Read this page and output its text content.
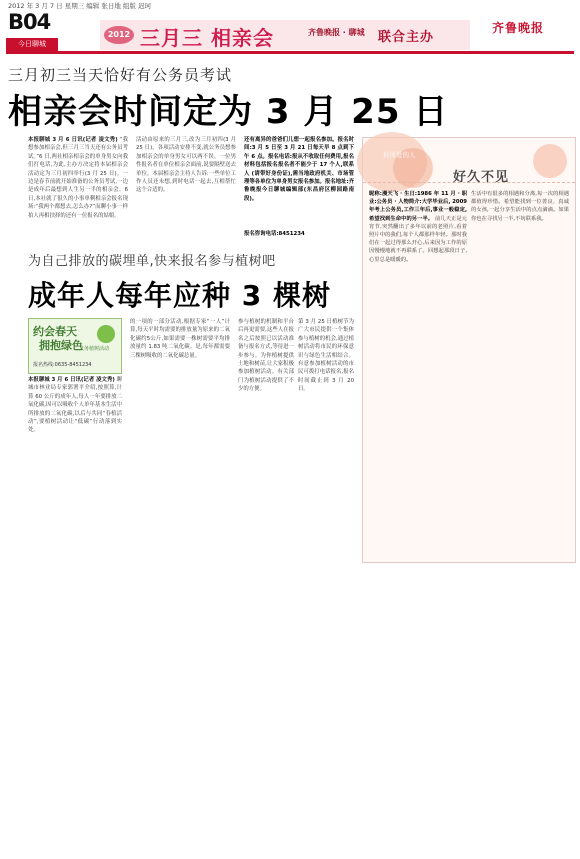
2012 年 3 月 7 日 星期三 编辑 张日地 组版 迟珂
B04
今日聊城
2012 三月三 相亲会	齐鲁晚报 · 聊城 联合主办
齐鲁晚报
三月初三当天恰好有公务员考试
相亲会时间定为 3 月 25 日
本报聊城 3 月 6 日讯(记者 凌文秀) “我想参加相亲会,但三月三当天还有公务员考试。”6 日,两社相亲相亲会的单身男女向我们打电话,为此,主办方决定将本届相亲会活动定为三月初四举行(3 月 25 日)。一边是春节前就开始准备的公务员考试,一边是成年后最想到人生另一半的相亲会。6 日,本社就了很久的小事单剩相亲会报名现场:“我两个都想去,怎么办?”而聊小事一样拍人再相扶择的还有一位报名的姑娘。
活动由原来的三月三,改为三月初四(3 月 25 日)。各项活动安排不变,就公务员想参加相亲会的单身男女可以两不误。一位男性报名者在单位相亲会面前,说要隔壁送去单位。本届相亲会主持人告诉:一些单位工作人员还未想,到时电话一起去,互相帮忙这个合适的。
还有离异的爸爸们儿想一起报名参加。报名时间:3 月 5 日至 3 月 21 日每天早 8 点到下午 6 点。报名电话:报从不收取任何费用,报名材料包括报名报名者不能少于 17 个人,联系人 (请带好身份证),需当地政府机关、市场管理等各单位为单身男女报名参加。报名地址:齐鲁晚报今日聊城编辑部(东昌府区柳园路南段)。
报名咨询电话:8451234
为自己排放的碳埋单,快来报名参与植树吧
成年人每年应种 3 棵树
约会春天
拥抱绿色
义务植树活动
报名热线:0635-8451234
本报聊城 3 月 6 日讯(记者 凌文秀) 聊城市林业局专家郭署平介绍,按照算,计算 60 公斤的成年人,每人一年要排放二氧化碳,因可以吸收个人单年基本生活中所排放的二氧化碳,以后与共同“春植活动”,要植树活动让“低碳”行动落到实处。
的一项的一部分活动,根据专家“一人”计算,每天平时均需要的排放量为原来的二氧化碳约5公斤,如果需要一株树需要平均排放量约 1.83 吨二氧化碳。是,每年都需要三棵树吸收的二氧化碳总量。
参与植树的机制和平台后再更需要,这些人在报名之后按照已以活动准备与报名方式,等待进一步参与。为你植树提供土地和树苗,让大家积极参加植树活动。有关部门为植树活动提供了不少的方便。
第 3 月 25 日植树节为广大市民提供一个集体参与植树的机会,通过植树活动将市民的环保意识与绿色生活相结合。有意参加植树活动的市民可拨打电话报名,报名时间截止到 3 月 20 日。
你所爱的人
好久不见
昵称:漫天飞 · 生日:1986 年 11 月 · 职业:公务员 · 人物简介:大学毕业后, 2009 年考上公务员,工作三年后,事业一般稳定,希望找到生命中的另一半。 前几天正是元宵节,突然翻出了多年以前的老照片,看着照片中的我们,每个人都那样年轻。那时我们在一起过得那么开心,后来因为工作的原因慢慢地就不再联系了。回想起那段日子,心里总是暖暖的。
生活中有很多的相遇和分离,每一次的相遇都值得珍惜。希望能找到一位善良、真诚的女孩,一起分享生活中的点点滴滴。如果你也在寻找另一半,不妨联系我。
